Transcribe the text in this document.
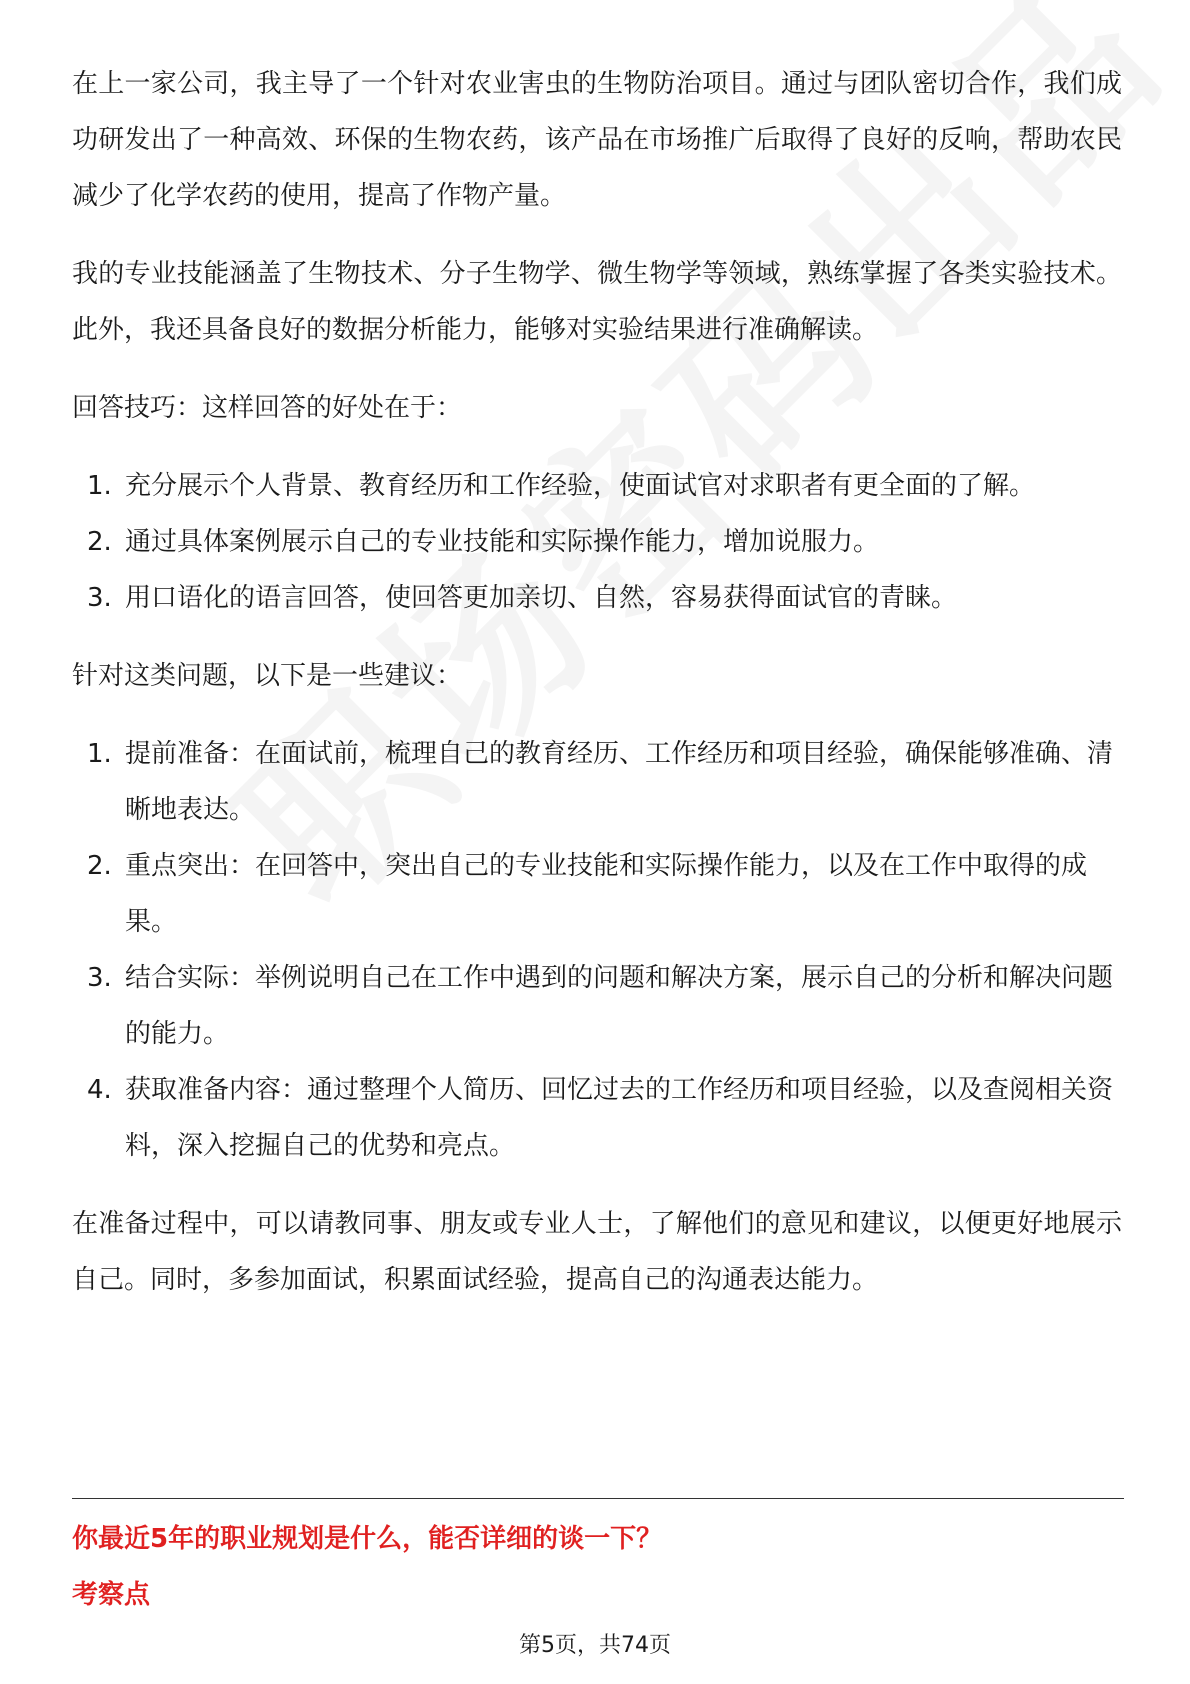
在上一家公司，我主导了一个针对农业害虫的生物防治项目。通过与团队密切合作，我们成功研发出了一种高效、环保的生物农药，该产品在市场推广后取得了良好的反响，帮助农民减少了化学农药的使用，提高了作物产量。

我的专业技能涵盖了生物技术、分子生物学、微生物学等领域，熟练掌握了各类实验技术。此外，我还具备良好的数据分析能力，能够对实验结果进行准确解读。

回答技巧：这样回答的好处在于：

1. 充分展示个人背景、教育经历和工作经验，使面试官对求职者有更全面的了解。
2. 通过具体案例展示自己的专业技能和实际操作能力，增加说服力。
3. 用口语化的语言回答，使回答更加亲切、自然，容易获得面试官的青睐。

针对这类问题，以下是一些建议：

1. 提前准备：在面试前，梳理自己的教育经历、工作经历和项目经验，确保能够准确、清晰地表达。
2. 重点突出：在回答中，突出自己的专业技能和实际操作能力，以及在工作中取得的成果。
3. 结合实际：举例说明自己在工作中遇到的问题和解决方案，展示自己的分析和解决问题的能力。
4. 获取准备内容：通过整理个人简历、回忆过去的工作经历和项目经验，以及查阅相关资料，深入挖掘自己的优势和亮点。

在准备过程中，可以请教同事、朋友或专业人士，了解他们的意见和建议，以便更好地展示自己。同时，多参加面试，积累面试经验，提高自己的沟通表达能力。

你最近5年的职业规划是什么，能否详细的谈一下？
考察点
第5页，共74页
